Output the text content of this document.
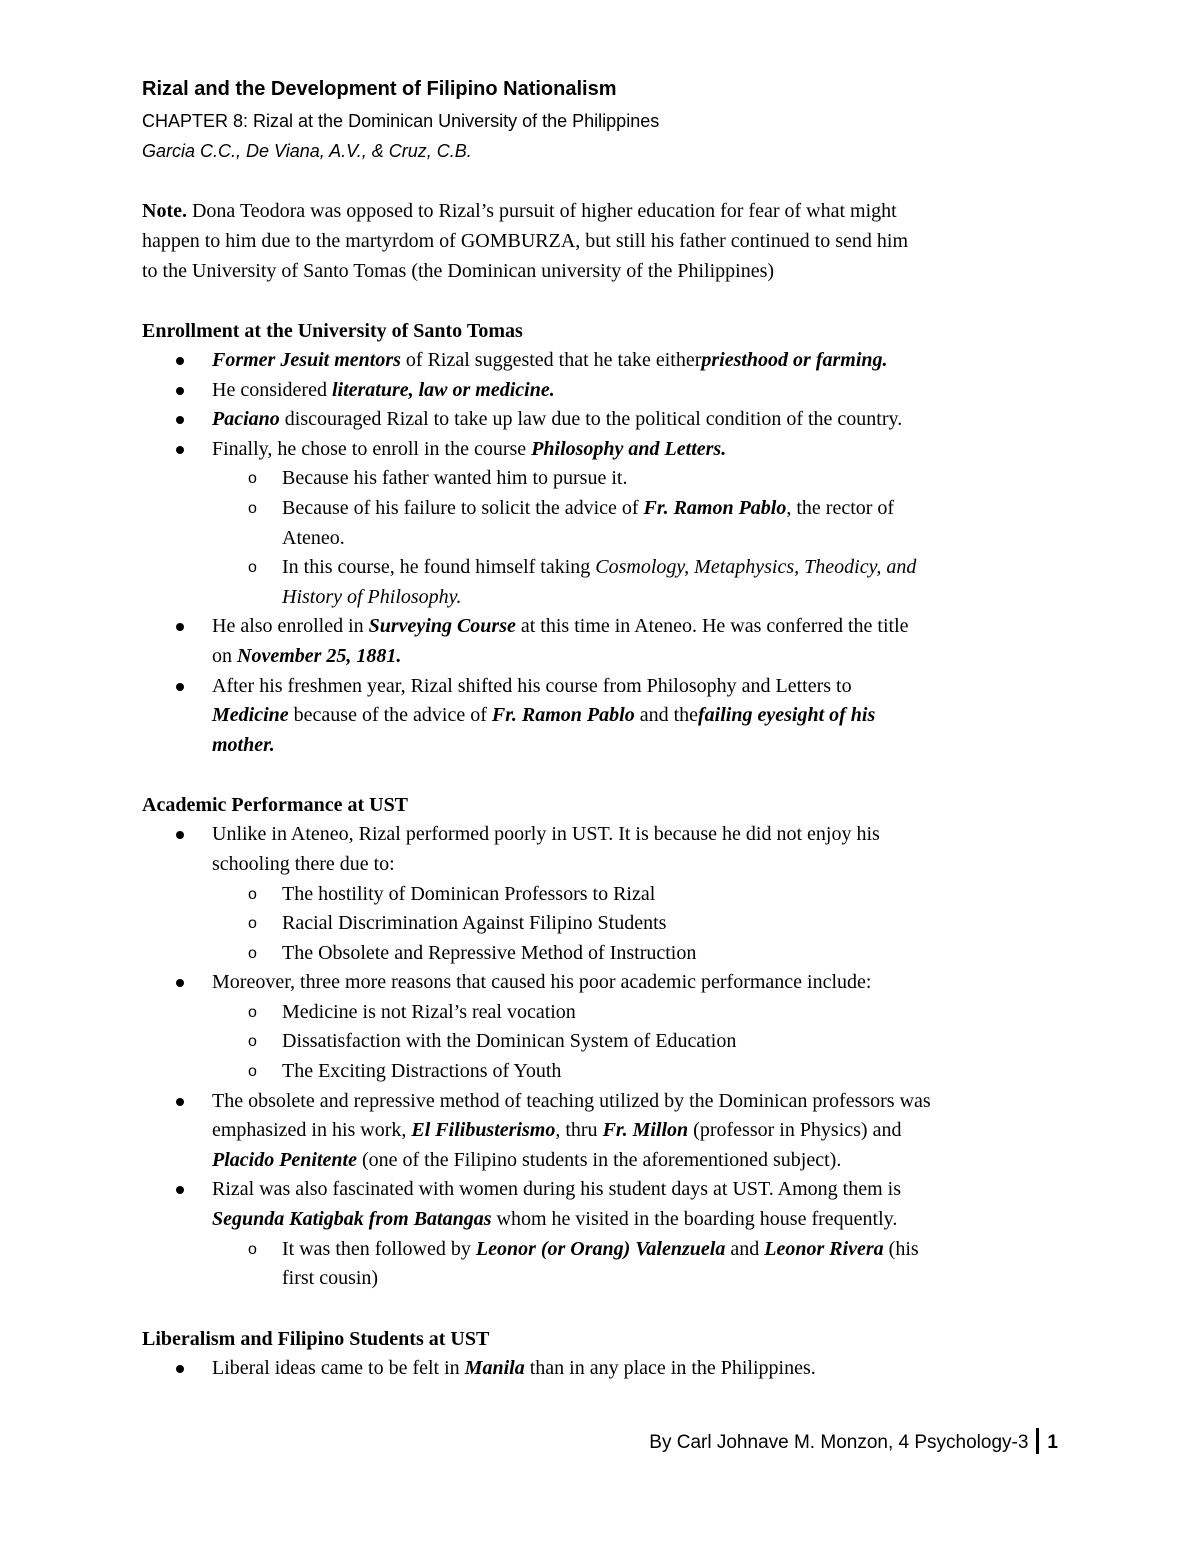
Rizal and the Development of Filipino Nationalism

CHAPTER 8: Rizal at the Dominican University of the Philippines

Garcia C.C., De Viana, A.V., & Cruz, C.B.

Note. Dona Teodora was opposed to Rizal’s pursuit of higher education for fear of what might
happen to him due to the martyrdom of GOMBURZA, but still his father continued to send him
to the University of Santo Tomas (the Dominican university of the Philippines)
Enrollment at the University of Santo Tomas
Former Jesuit mentors of Rizal suggested that he take eitherpriesthood or farming.
He considered literature, law or medicine.
Paciano discouraged Rizal to take up law due to the political condition of the country.
Finally, he chose to enroll in the course Philosophy and Letters.
o Because his father wanted him to pursue it.
o Because of his failure to solicit the advice of Fr. Ramon Pablo, the rector of
Ateneo.
o In this course, he found himself taking Cosmology, Metaphysics, Theodicy, and
History of Philosophy.
He also enrolled in Surveying Course at this time in Ateneo. He was conferred the title
on November 25, 1881.
After his freshmen year, Rizal shifted his course from Philosophy and Letters to
Medicine because of the advice of Fr. Ramon Pablo and thefailing eyesight of his
mother.
Academic Performance at UST
Unlike in Ateneo, Rizal performed poorly in UST. It is because he did not enjoy his
schooling there due to:
o The hostility of Dominican Professors to Rizal
o Racial Discrimination Against Filipino Students
o The Obsolete and Repressive Method of Instruction
Moreover, three more reasons that caused his poor academic performance include:
o Medicine is not Rizal’s real vocation
o Dissatisfaction with the Dominican System of Education
o The Exciting Distractions of Youth
The obsolete and repressive method of teaching utilized by the Dominican professors was
emphasized in his work, El Filibusterismo, thru Fr. Millon (professor in Physics) and
Placido Penitente (one of the Filipino students in the aforementioned subject).
Rizal was also fascinated with women during his student days at UST. Among them is
Segunda Katigbak from Batangas whom he visited in the boarding house frequently.
o It was then followed by Leonor (or Orang) Valenzuela and Leonor Rivera (his
first cousin)
Liberalism and Filipino Students at UST
Liberal ideas came to be felt in Manila than in any place in the Philippines.
By Carl Johnave M. Monzon, 4 Psychology-3 1
